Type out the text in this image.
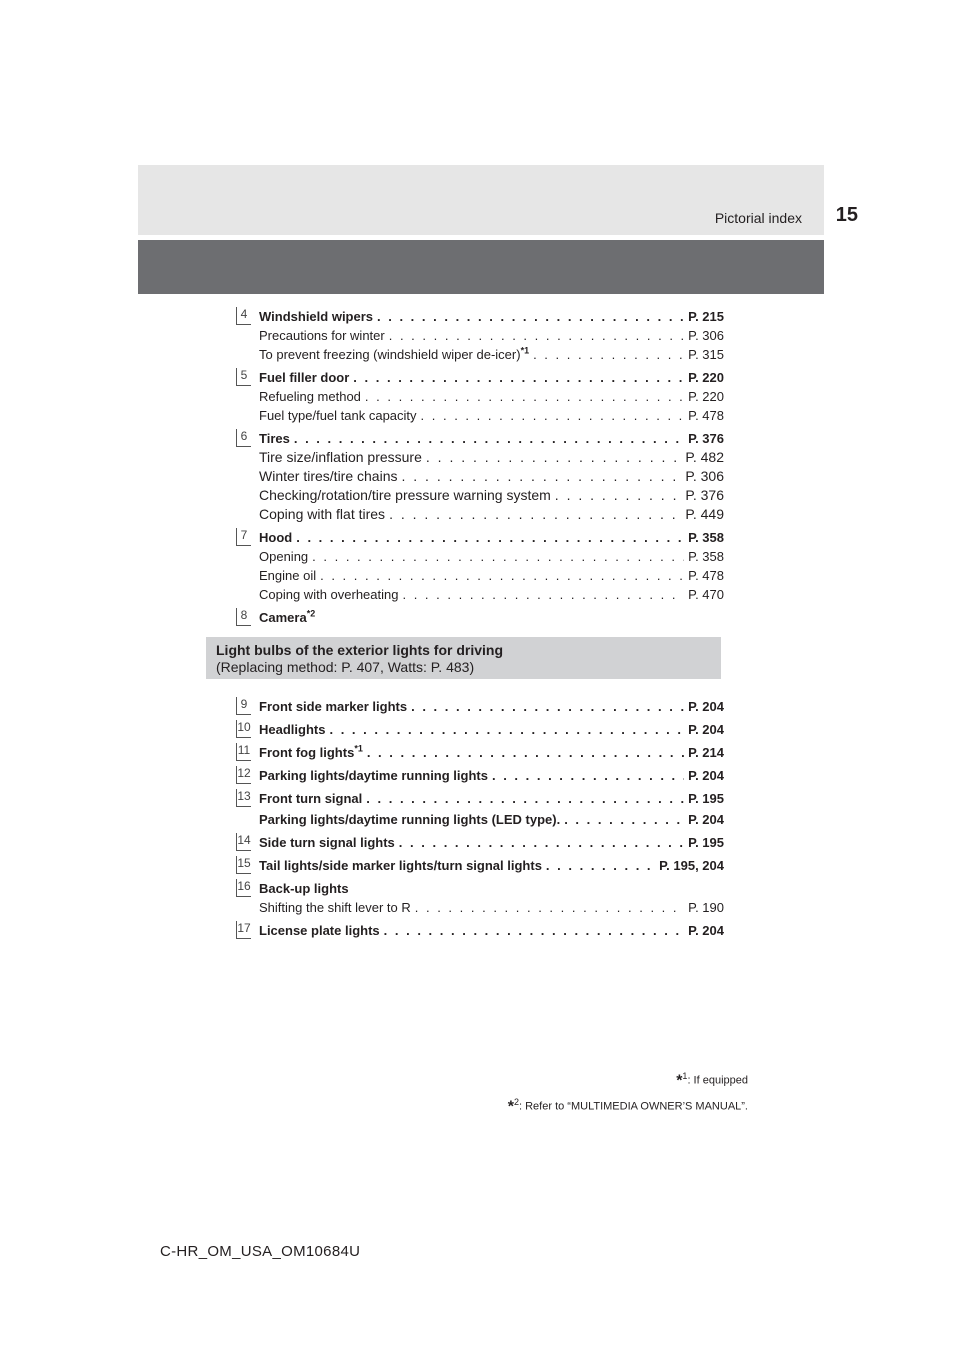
Pictorial index 15
4 Windshield wipers . . .	P. 215
Precautions for winter . . .	P. 306
To prevent freezing (windshield wiper de-icer)$^{*1}$ . . .	P. 315
5 Fuel filler door . . .	P. 220
Refueling method . . .	P. 220
Fuel type/fuel tank capacity . . .	P. 478
6 Tires . . .	P. 376
Tire size/inflation pressure . . .	P. 482
Winter tires/tire chains . . .	P. 306
Checking/rotation/tire pressure warning system . . .	P. 376
Coping with flat tires . . .	P. 449
7 Hood . . .	P. 358
Opening . . .	P. 358
Engine oil . . .	P. 478
Coping with overheating . . .	P. 470
8 Camera$^{*2}$
Light bulbs of the exterior lights for driving
(Replacing method: P. 407, Watts: P. 483)
9 Front side marker lights . . .	P. 204
10 Headlights . . .	P. 204
11 Front fog lights$^{*1}$ . . .	P. 214
12 Parking lights/daytime running lights . . .	P. 204
13 Front turn signal . . .	P. 195
Parking lights/daytime running lights (LED type). . . .	P. 204
14 Side turn signal lights . . .	P. 195
15 Tail lights/side marker lights/turn signal lights . . .	P. 195, 204
16 Back-up lights
Shifting the shift lever to R . . .	P. 190
17 License plate lights . . .	P. 204
*$^1$: If equipped
*$^2$: Refer to “MULTIMEDIA OWNER’S MANUAL”.
C-HR_OM_USA_OM10684U
